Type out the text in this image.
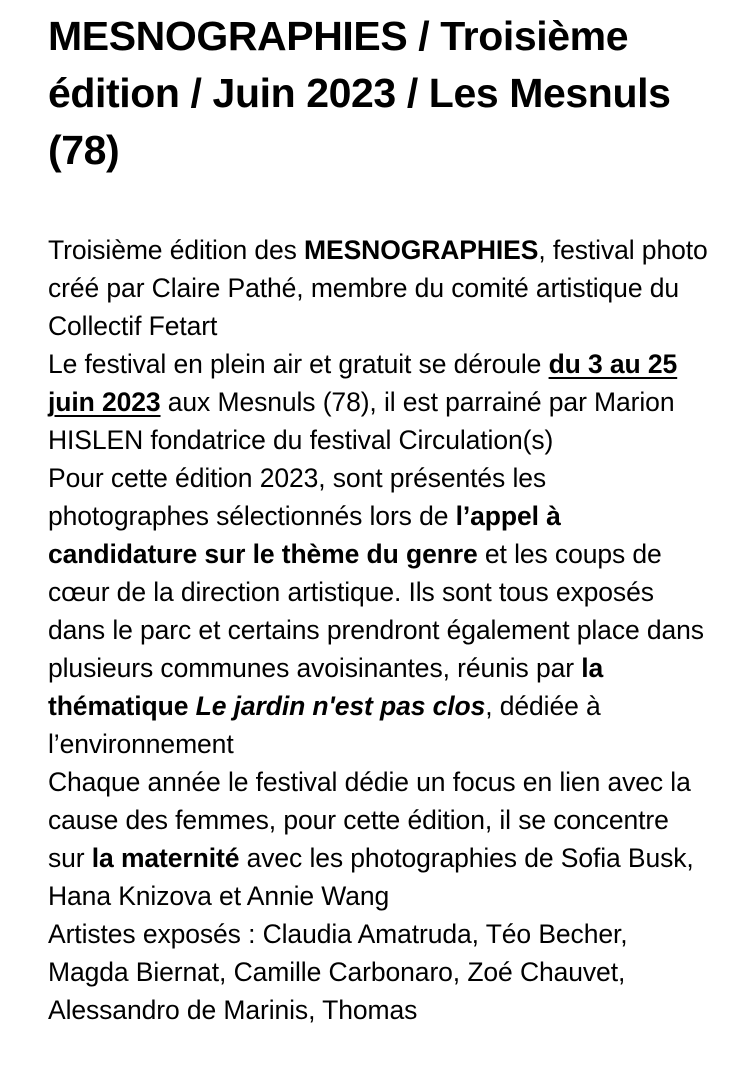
MESNOGRAPHIES / Troisième édition / Juin 2023 / Les Mesnuls (78)

Troisième édition des MESNOGRAPHIES, festival photo créé par Claire Pathé, membre du comité artistique du Collectif Fetart

Le festival en plein air et gratuit se déroule du 3 au 25 juin 2023 aux Mesnuls (78), il est parrainé par Marion HISLEN fondatrice du festival Circulation(s)

Pour cette édition 2023, sont présentés les photographes sélectionnés lors de l’appel à candidature sur le thème du genre et les coups de cœur de la direction artistique. Ils sont tous exposés dans le parc et certains prendront également place dans plusieurs communes avoisinantes, réunis par la thématique Le jardin n'est pas clos, dédiée à l’environnement

Chaque année le festival dédie un focus en lien avec la cause des femmes, pour cette édition, il se concentre sur la maternité avec les photographies de Sofia Busk, Hana Knizova et Annie Wang

Artistes exposés : Claudia Amatruda, Téo Becher, Magda Biernat, Camille Carbonaro, Zoé Chauvet, Alessandro de Marinis, Thomas
